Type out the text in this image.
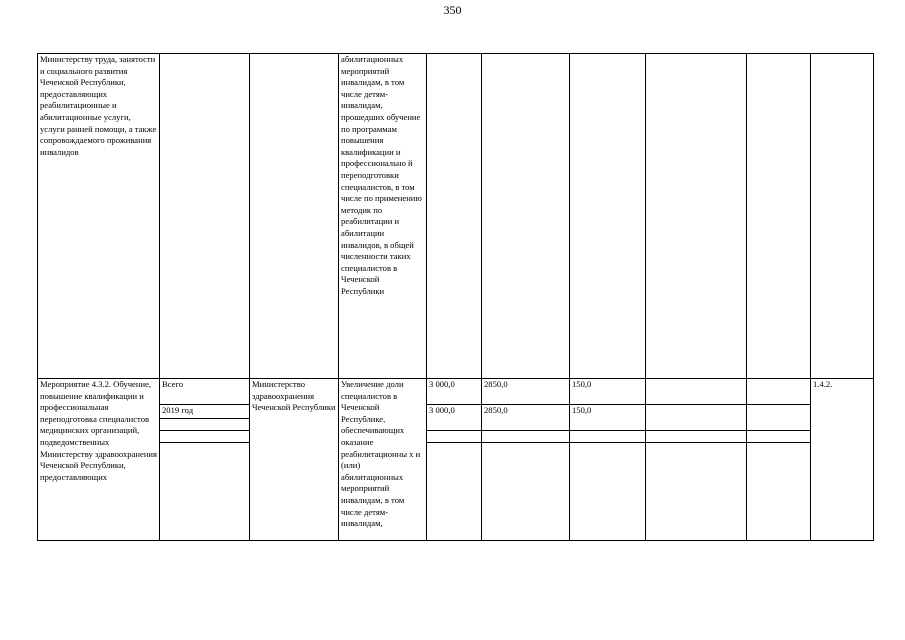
350
Министерству труда, занятости и социального развития Чеченской Республики, предоставляющих реабилитационные и абилитационные услуги, услуги ранней помощи, а также сопровождаемого проживания инвалидов			абилитационных мероприятий инвалидам, в том числе детям-инвалидам, прошедших обучение по программам повышения квалификации и профессионально й переподготовки специалистов, в том числе по применению методик по реабилитации и абилитации инвалидов, в общей численности таких специалистов в Чеченской Республики						

Мероприятие 4.3.2. Обучение, повышение квалификации и профессиональная переподготовка специалистов медицинских организаций, подведомственных Министерству здравоохранения Чеченской Республики, предоставляющих	Всего	Министерство здравоохранения Чеченской Республики	Увеличение доли специалистов в Чеченской Республике, обеспечивающих оказание реабилитационны х и (или) абилитационных мероприятий инвалидам, в том числе детям-инвалидам,	3 000,0	2850,0	150,0			1.4.2.
	2019 год			3 000,0	2850,0	150,0			
